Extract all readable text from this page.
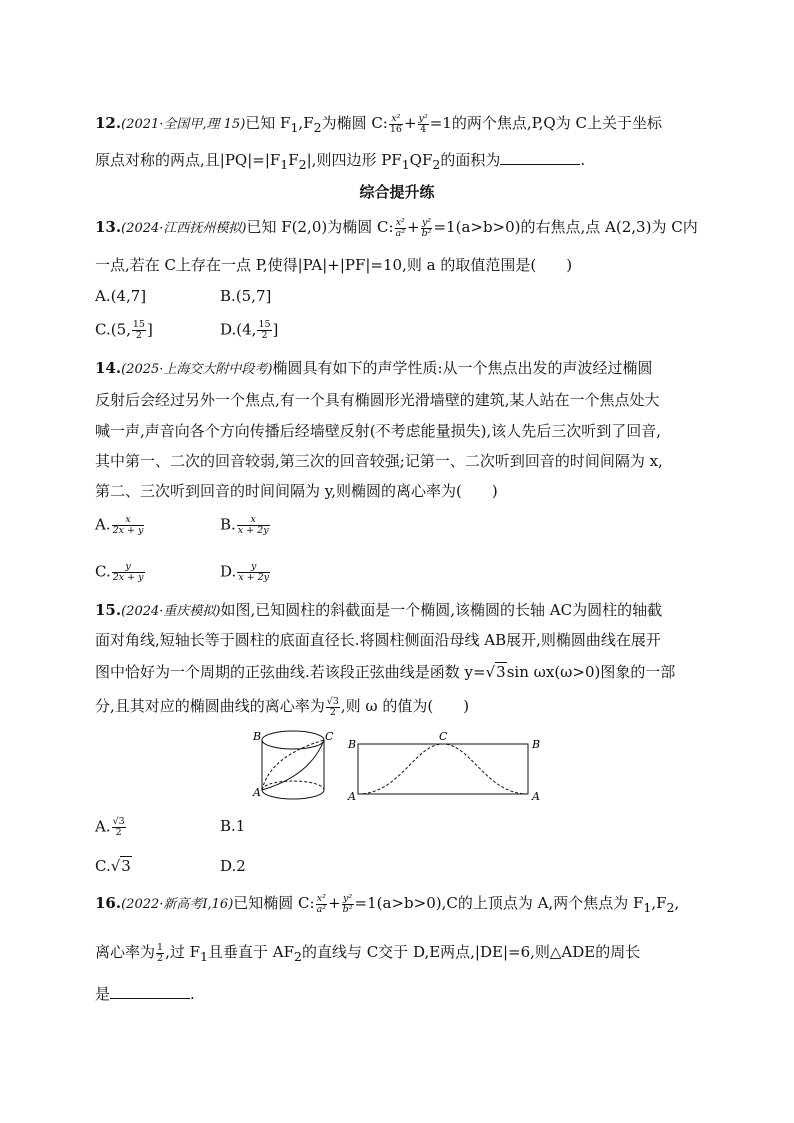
12.(2021·全国甲,理 15)已知 $F_1,F_2$为椭圆 C: $\frac{\text{x²}}{16} + \frac{\text{y²}}{4} =1$的两个焦点,P,Q为 C上关于坐标
原点对称的两点,且$|PQ|=|F_1F_2|$,则四边形 $PF_1QF_2$的面积为	.
综合提升练
13.(2024·江西抚州模拟)已知 F(2,0)为椭圆 C: $\frac{\text{x²}}{\text{a²}} + \frac{\text{y²}}{\text{b²}} =1(a>b>0)$的右焦点,点 A(2,3)为 C内
一点,若在 C上存在一点 P,使得|PA|+|PF|=10,则 a 的取值范围是(　　)
A.(4,7]	B.(5,7]
C.(5, $\frac{15}{2}$ ]	D.(4, $\frac{15}{2}$ ]
14.(2025·上海交大附中段考)椭圆具有如下的声学性质:从一个焦点出发的声波经过椭圆
反射后会经过另外一个焦点,有一个具有椭圆形光滑墙壁的建筑,某人站在一个焦点处大
喊一声,声音向各个方向传播后经墙壁反射(不考虑能量损失),该人先后三次听到了回音,
其中第一、二次的回音较弱,第三次的回音较强;记第一、二次听到回音的时间间隔为 x,
第二、三次听到回音的时间间隔为 y,则椭圆的离心率为(　　)
A. $\frac{x}{2x + y}$	B. $\frac{x}{x + 2y}$
C. $\frac{y}{2x + y}$	D. $\frac{y}{x + 2y}$
15.(2024·重庆模拟)如图,已知圆柱的斜截面是一个椭圆,该椭圆的长轴 AC为圆柱的轴截
面对角线,短轴长等于圆柱的底面直径长.将圆柱侧面沿母线 AB展开,则椭圆曲线在展开
图中恰好为一个周期的正弦曲线.若该段正弦曲线是函数 y=√3sin ωx(ω>0)图象的一部
分,且其对应的椭圆曲线的离心率为 $\frac{√3}{2}$ ,则 ω 的值为(　　)
B	C
A
B
C
B
A	A
A. $\frac{√3}{2}$	B.1
C.√3	D.2
16.(2022·新高考Ⅰ,16)已知椭圆 C: $\frac{\text{x²}}{\text{a²}} + \frac{\text{y²}}{\text{b²}} =1(a>b>0),C$的上顶点为 A,两个焦点为 $F_1,F_2$,
离心率为 $\frac{1}{2}$ ,过 $F_1$且垂直于 $AF_2$的直线与 C交于 D,E两点,|DE|=6,则△ADE的周长
是	.
